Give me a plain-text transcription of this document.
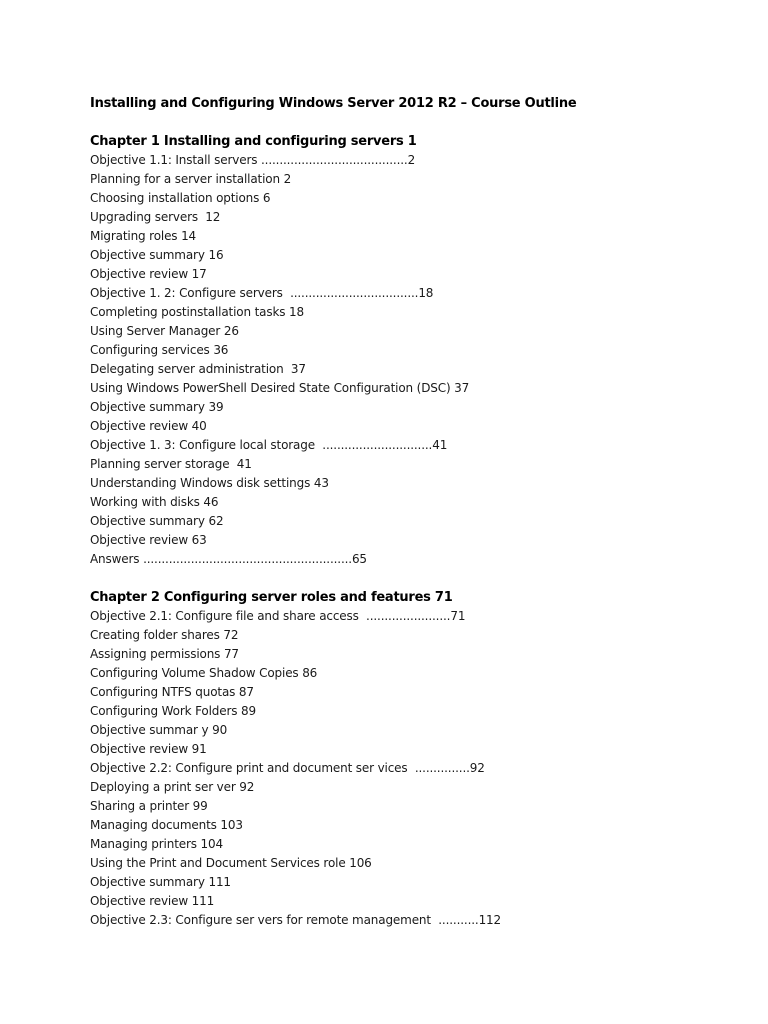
Installing and Configuring Windows Server 2012 R2 – Course Outline
Chapter 1 Installing and configuring servers 1
Objective 1.1: Install servers ........................................2
Planning for a server installation 2
Choosing installation options 6
Upgrading servers  12
Migrating roles 14
Objective summary 16
Objective review 17
Objective 1. 2: Configure servers  ...................................18
Completing postinstallation tasks 18
Using Server Manager 26
Configuring services 36
Delegating server administration  37
Using Windows PowerShell Desired State Configuration (DSC) 37
Objective summary 39
Objective review 40
Objective 1. 3: Configure local storage  ..............................41
Planning server storage  41
Understanding Windows disk settings 43
Working with disks 46
Objective summary 62
Objective review 63
Answers .........................................................65
Chapter 2 Configuring server roles and features 71
Objective 2.1: Configure file and share access  .......................71
Creating folder shares 72
Assigning permissions 77
Configuring Volume Shadow Copies 86
Configuring NTFS quotas 87
Configuring Work Folders 89
Objective summar y 90
Objective review 91
Objective 2.2: Configure print and document ser vices  ...............92
Deploying a print ser ver 92
Sharing a printer 99
Managing documents 103
Managing printers 104
Using the Print and Document Services role 106
Objective summary 111
Objective review 111
Objective 2.3: Configure ser vers for remote management  ...........112
